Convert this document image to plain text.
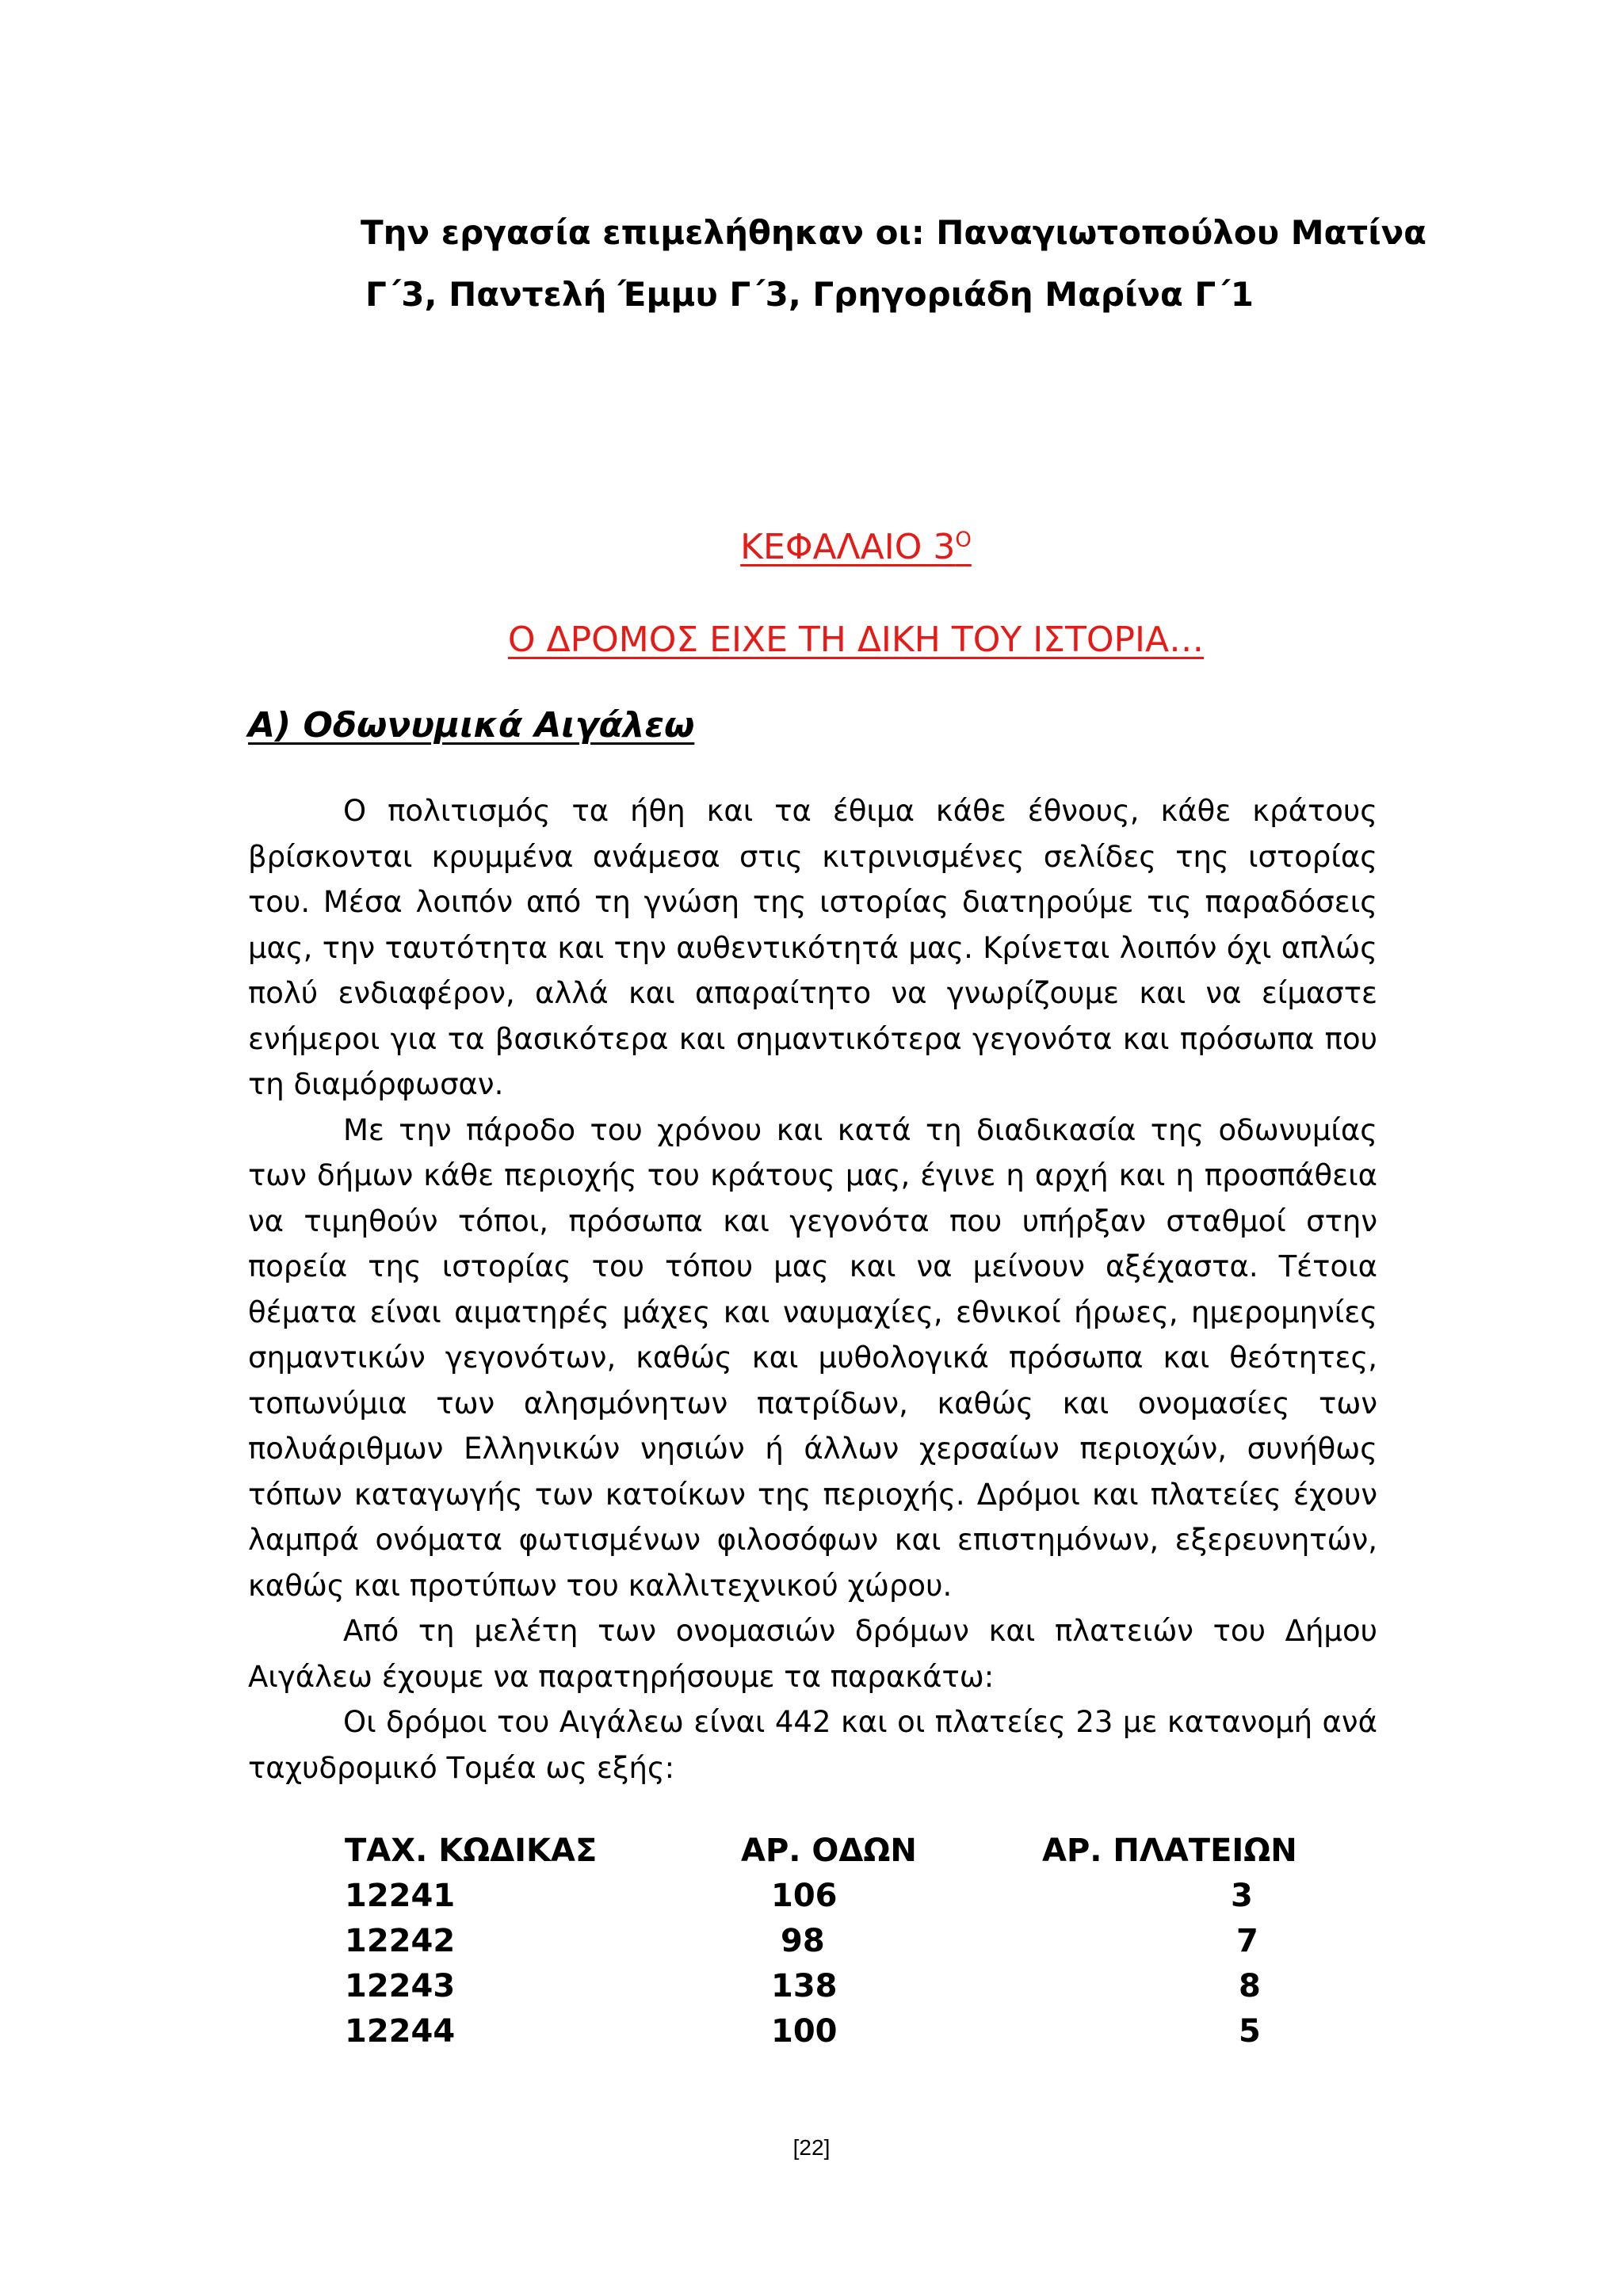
Την εργασία επιμελήθηκαν οι: Παναγιωτοπούλου Ματίνα
Γ΄3, Παντελή Έμμυ Γ΄3, Γρηγοριάδη Μαρίνα Γ΄1
ΚΕΦΑΛΑΙΟ $3^O$
Ο ΔΡΟΜΟΣ ΕΙΧΕ ΤΗ ΔΙΚΗ ΤΟΥ ΙΣΤΟΡΙΑ…
Α) Οδωνυμικά Αιγάλεω

Ο πολιτισμός τα ήθη και τα έθιμα κάθε έθνους, κάθε κράτους βρίσκονται κρυμμένα ανάμεσα στις κιτρινισμένες σελίδες της ιστορίας του. Μέσα λοιπόν από τη γνώση της ιστορίας διατηρούμε τις παραδόσεις μας, την ταυτότητα και την αυθεντικότητά μας. Κρίνεται λοιπόν όχι απλώς πολύ ενδιαφέρον, αλλά και απαραίτητο να γνωρίζουμε και να είμαστε ενήμεροι για τα βασικότερα και σημαντικότερα γεγονότα και πρόσωπα που τη διαμόρφωσαν.

Με την πάροδο του χρόνου και κατά τη διαδικασία της οδωνυμίας των δήμων κάθε περιοχής του κράτους μας, έγινε η αρχή και η προσπάθεια να τιμηθούν τόποι, πρόσωπα και γεγονότα που υπήρξαν σταθμοί στην πορεία της ιστορίας του τόπου μας και να μείνουν αξέχαστα. Τέτοια θέματα είναι αιματηρές μάχες και ναυμαχίες, εθνικοί ήρωες, ημερομηνίες σημαντικών γεγονότων, καθώς και μυθολογικά πρόσωπα και θεότητες, τοπωνύμια των αλησμόνητων πατρίδων, καθώς και ονομασίες των πολυάριθμων Ελληνικών νησιών ή άλλων χερσαίων περιοχών, συνήθως τόπων καταγωγής των κατοίκων της περιοχής. Δρόμοι και πλατείες έχουν λαμπρά ονόματα φωτισμένων φιλοσόφων και επιστημόνων, εξερευνητών, καθώς και προτύπων του καλλιτεχνικού χώρου.

Από τη μελέτη των ονομασιών δρόμων και πλατειών του Δήμου Αιγάλεω έχουμε να παρατηρήσουμε τα παρακάτω:

Οι δρόμοι του Αιγάλεω είναι 442 και οι πλατείες 23 με κατανομή ανά ταχυδρομικό Τομέα ως εξής:

ΤΑΧ. ΚΩΔΙΚΑΣ	ΑΡ. ΟΔΩΝ	ΑΡ. ΠΛΑΤΕΙΩΝ
12241	106	3
12242	98	7
12243	138	8
12244	100	5
[22]
